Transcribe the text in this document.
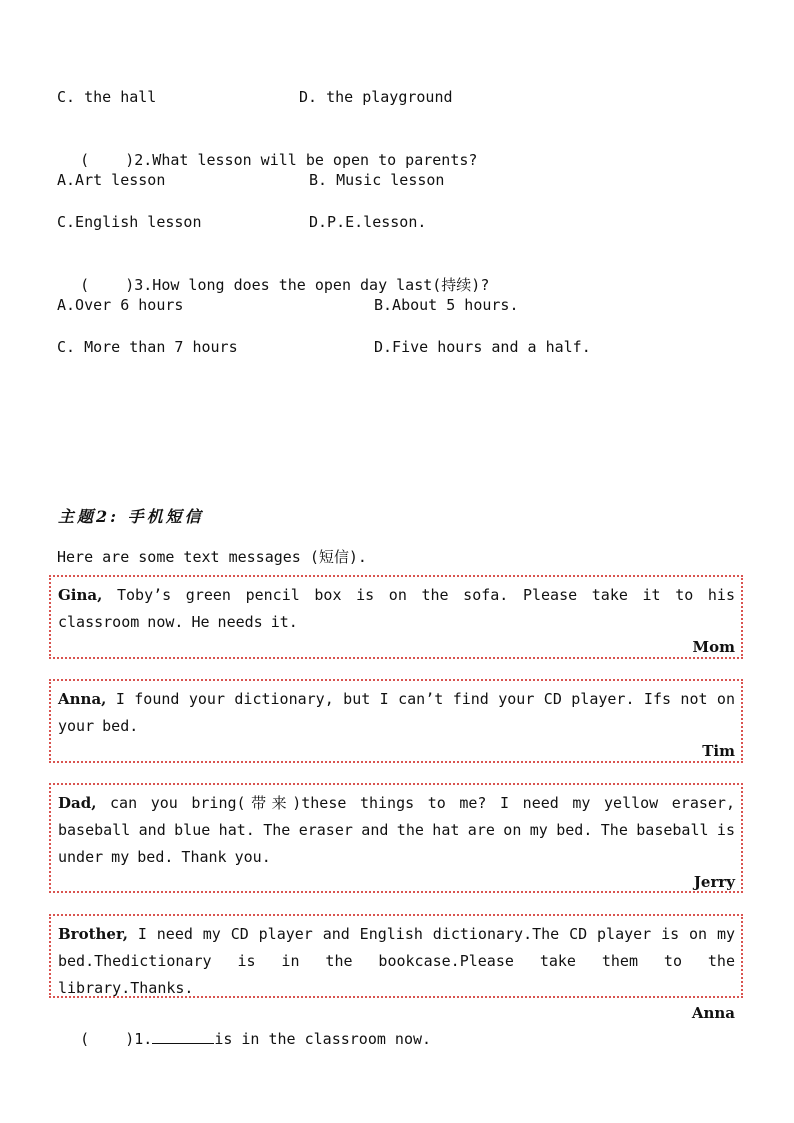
C. the hall	D. the playground

(    )2.What lesson will be open to parents?

A.Art lesson	B. Music lesson
C.English lesson	D.P.E.lesson.

(    )3.How long does the open day last(持续)?

A.Over 6 hours	B.About 5 hours.
C. More than 7 hours	D.Five hours and a half.
主题2: 手机短信
Here are some text messages (短信).
Gina, Toby’s green pencil box is on the sofa. Please take it to his classroom now. He needs it.
Mom
Anna, I found your dictionary, but I can’t find your CD player. Ifs not on your bed.
Tim
Dad, can you bring(带来)these things to me? I need my yellow eraser, baseball and blue hat. The eraser and the hat are on my bed. The baseball is under my bed. Thank you.
Jerry
Brother, I need my CD player and English dictionary.The CD player is on my bed.Thedictionary is in the bookcase.Please take them to the library.Thanks.
Anna

(    )1.	is in the classroom now.
